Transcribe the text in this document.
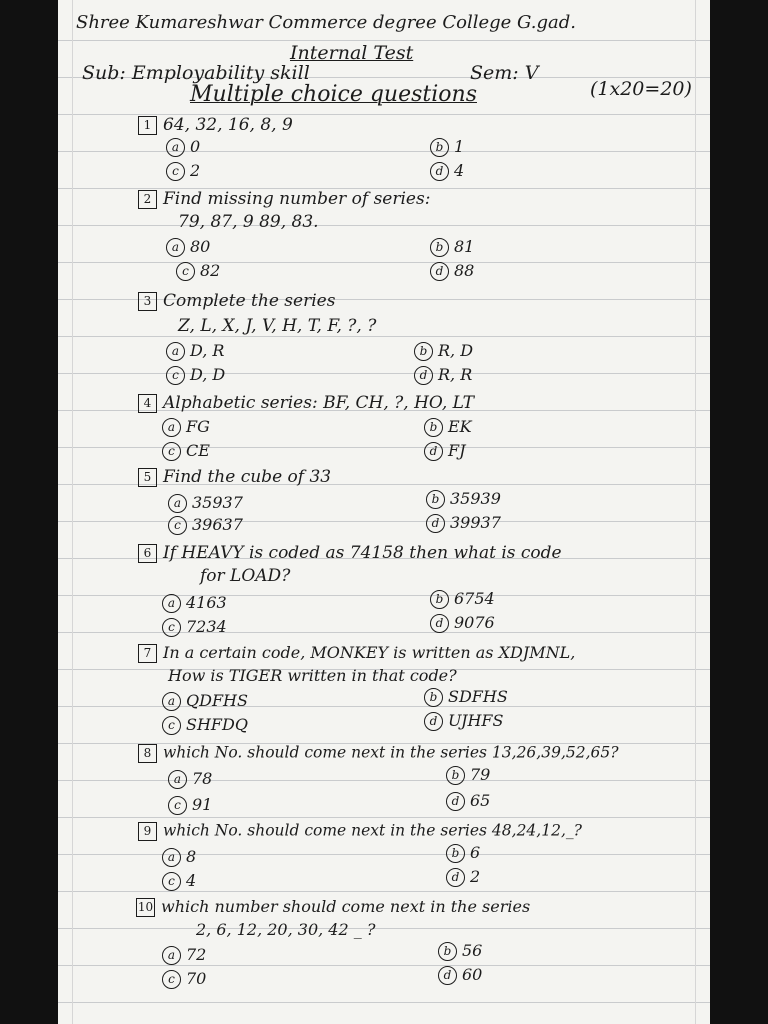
Shree Kumareshwar Commerce degree College G.gad.
Internal Test
Sub: Employability skill	Sem: V
Multiple choice questions	(1x20=20)
1 64, 32, 16, 8, 9
a 0	b 1
c 2	d 4
2 Find missing number of series:
79, 87, 9 89, 83.
a 80	b 81
c 82	d 88
3 Complete the series
Z, L, X, J, V, H, T, F, ?, ?
a D, R	b R, D
c D, D	d R, R
4 Alphabetic series: BF, CH, ?, HO, LT
a FG	b EK
c CE	d FJ
5 Find the cube of 33
a 35937	b 35939
c 39637	d 39937
6 If HEAVY is coded as 74158 then what is code
for LOAD?
a 4163	b 6754
c 7234	d 9076
7 In a certain code, MONKEY is written as XDJMNL,
How is TIGER written in that code?
a QDFHS	b SDFHS
c SHFDQ	d UJHFS
8 which No. should come next in the series 13,26,39,52,65?
a 78	b 79
c 91	d 65
9 which No. should come next in the series 48,24,12,_?
a 8	b 6
c 4	d 2
10 which number should come next in the series
2, 6, 12, 20, 30, 42 _ ?
a 72	b 56
c 70	d 60
